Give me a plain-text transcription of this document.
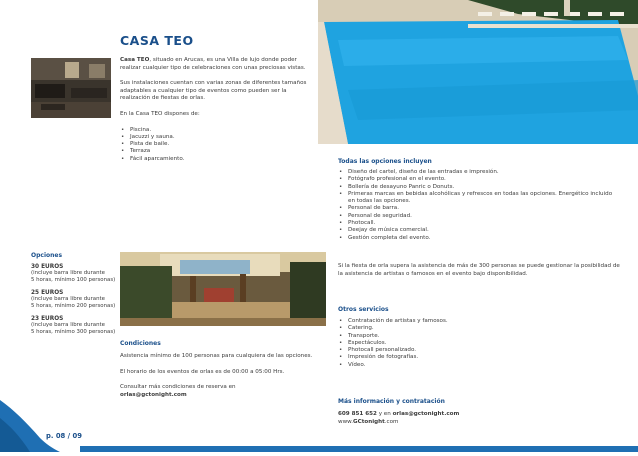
Opciones
30 EUROS
(incluye barra libre durante
5 horas, mínimo 100 personas)
25 EUROS
(incluye barra libre durante
5 horas, mínimo 200 personas)
23 EUROS
(incluye barra libre durante
5 horas, mínimo 300 personas)
CASA TEO
Casa TEO, situado en Arucas, es una Villa de lujo donde poder realizar cualquier tipo de celebraciones con unas preciosas vistas.
Sus instalaciones cuentan con varias zonas de diferentes tamaños adaptables a cualquier tipo de eventos como pueden ser la realización de fiestas de orlas.
En la Casa TEO dispones de:
• Piscina.
• Jacuzzi y sauna.
• Pista de baile.
• Terraza
• Fácil aparcamiento.
Condiciones
Asistencia mínimo de 100 personas para cualquiera de las opciones.
El horario de los eventos de orlas es de 00:00 a 05:00 Hrs.
Consultar más condiciones de reserva en
orlas@gctonight.com
Todas las opciones incluyen
• Diseño del cartel, diseño de las entradas e impresión.
• Fotógrafo profesional en el evento.
• Bollería de desayuno Panric o Donuts.
• Primeras marcas en bebidas alcohólicas y refrescos en todas las opciones. Energético incluido en todas las opciones.
• Personal de barra.
• Personal de seguridad.
• Photocall.
• Deejay de música comercial.
• Gestión completa del evento.
Si la fiesta de orla supera la asistencia de más de 300 personas se puede gestionar la posibilidad de la asistencia de artistas o famosos en el evento bajo disponibilidad.
Otros servicios
• Contratación de artistas y famosos.
• Catering.
• Transporte.
• Espectáculos.
• Photocall personalizado.
• Impresión de fotografías.
• Vídeo.
Más información y contratación
609 851 652 y en orlas@gctonight.com
www.GCtonight.com
p. 08 / 09
